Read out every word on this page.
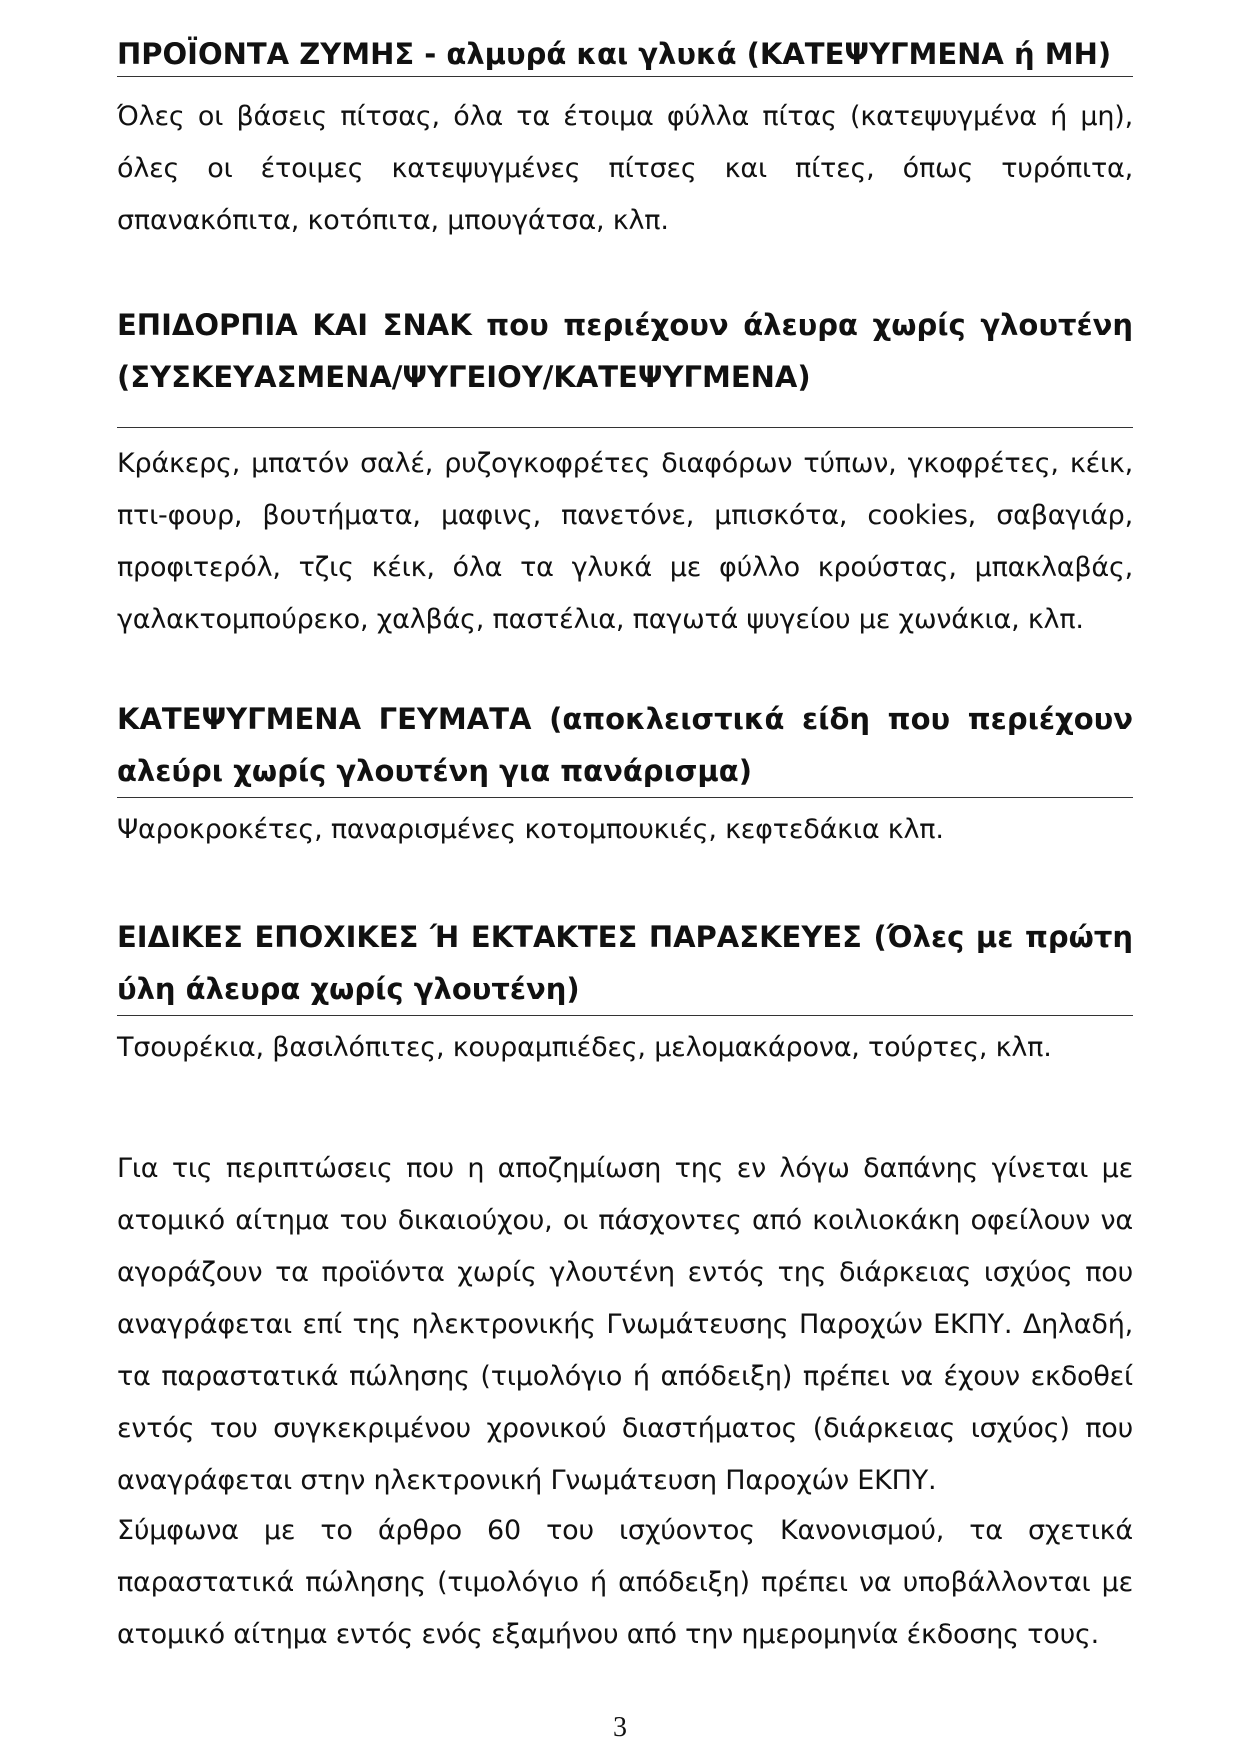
ΠΡΟΪΟΝΤΑ ΖΥΜΗΣ - αλμυρά και γλυκά (ΚΑΤΕΨΥΓΜΕΝΑ ή ΜΗ)

Όλες οι βάσεις πίτσας, όλα τα έτοιμα φύλλα πίτας (κατεψυγμένα ή μη), όλες οι έτοιμες κατεψυγμένες πίτσες και πίτες, όπως τυρόπιτα, σπανακόπιτα, κοτόπιτα, μπουγάτσα, κλπ.

ΕΠΙΔΟΡΠΙΑ ΚΑΙ ΣΝΑΚ που περιέχουν άλευρα χωρίς γλουτένη (ΣΥΣΚΕΥΑΣΜΕΝΑ/ΨΥΓΕΙΟΥ/ΚΑΤΕΨΥΓΜΕΝΑ)

Κράκερς, μπατόν σαλέ, ρυζογκοφρέτες διαφόρων τύπων, γκοφρέτες, κέικ, πτι-φουρ, βουτήματα, μαφινς, πανετόνε, μπισκότα, cookies, σαβαγιάρ, προφιτερόλ, τζις κέικ, όλα τα γλυκά με φύλλο κρούστας, μπακλαβάς, γαλακτομπούρεκο, χαλβάς, παστέλια, παγωτά ψυγείου με χωνάκια, κλπ.

ΚΑΤΕΨΥΓΜΕΝΑ ΓΕΥΜΑΤΑ (αποκλειστικά είδη που περιέχουν αλεύρι χωρίς γλουτένη για πανάρισμα)

Ψαροκροκέτες, παναρισμένες κοτομπουκιές, κεφτεδάκια κλπ.

ΕΙΔΙΚΕΣ ΕΠΟΧΙΚΕΣ Ή ΕΚΤΑΚΤΕΣ ΠΑΡΑΣΚΕΥΕΣ (Όλες με πρώτη ύλη άλευρα χωρίς γλουτένη)

Τσουρέκια, βασιλόπιτες, κουραμπιέδες, μελομακάρονα, τούρτες, κλπ.

Για τις περιπτώσεις που η αποζημίωση της εν λόγω δαπάνης γίνεται με ατομικό αίτημα του δικαιούχου, οι πάσχοντες από κοιλιοκάκη οφείλουν να αγοράζουν τα προϊόντα χωρίς γλουτένη εντός της διάρκειας ισχύος που αναγράφεται επί της ηλεκτρονικής Γνωμάτευσης Παροχών ΕΚΠΥ. Δηλαδή, τα παραστατικά πώλησης (τιμολόγιο ή απόδειξη) πρέπει να έχουν εκδοθεί εντός του συγκεκριμένου χρονικού διαστήματος (διάρκειας ισχύος) που αναγράφεται στην ηλεκτρονική Γνωμάτευση Παροχών ΕΚΠΥ.

Σύμφωνα με το άρθρο 60 του ισχύοντος Κανονισμού, τα σχετικά παραστατικά πώλησης (τιμολόγιο ή απόδειξη) πρέπει να υποβάλλονται με ατομικό αίτημα εντός ενός εξαμήνου από την ημερομηνία έκδοσης τους.

3
